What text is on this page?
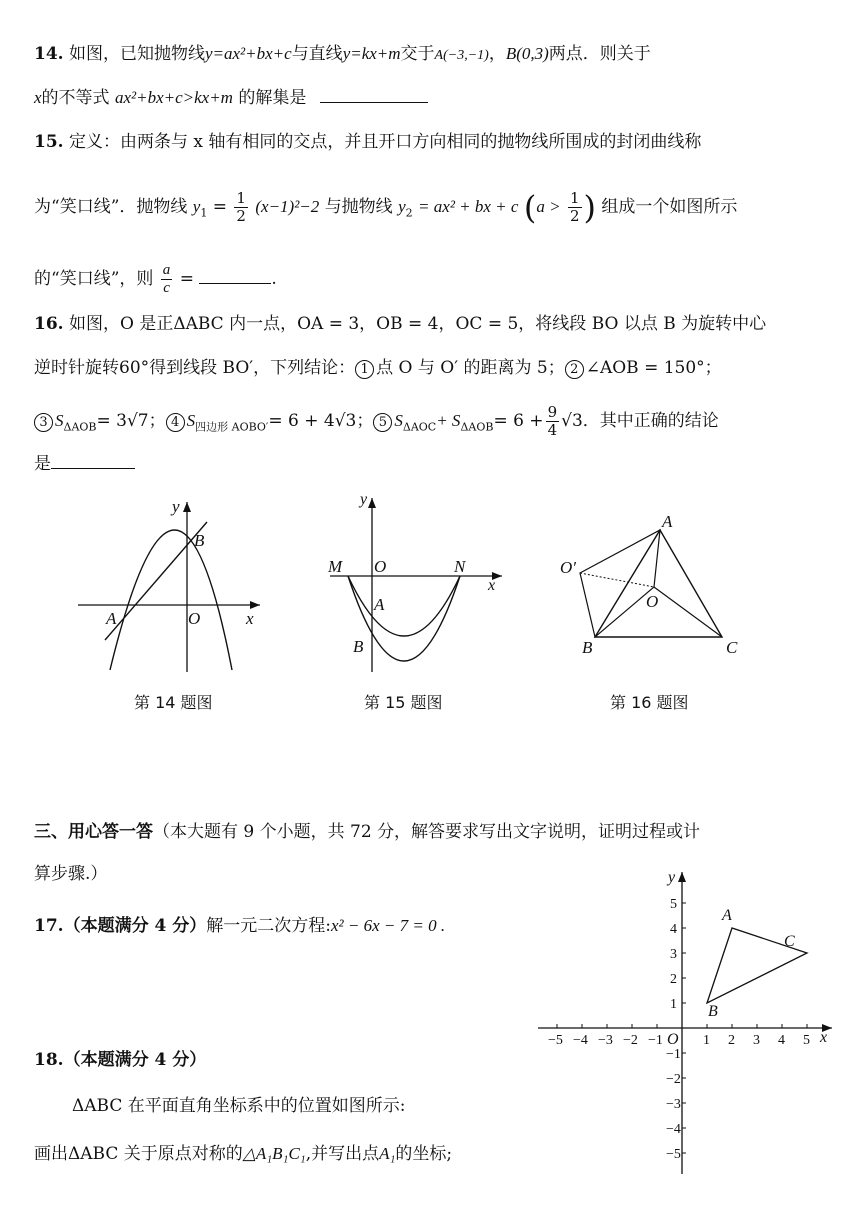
14. 如图，已知抛物线y=ax²+bx+c与直线y=kx+m交于A(−3,−1)，B(0,3)两点．则关于
x的不等式 ax²+bx+c>kx+m 的解集是
15. 定义：由两条与 x 轴有相同的交点，并且开口方向相同的抛物线所围成的封闭曲线称
为“笑口线”．抛物线 $y_1 = \frac{1}{2} (x-1)^2-2$ 与抛物线 $y_2 = ax^2$ + bx + c ($a > \frac{1}{2}$ ) 组成一个如图所示
的“笑口线”，则 $\frac{a}{c}$ =	.
16. 如图，O 是正ΔABC 内一点，OA = 3，OB = 4，OC = 5，将线段 BO 以点 B 为旋转中心
逆时针旋转60°得到线段 BO′，下列结论： 1 点 O 与 O′ 的距离为 5； 2 ∠AOB = 150°；
3 $S_{\Delta AOB}= 3√7$； 4 $S_{四边形 AOBO'}= 6 + 4√3$； 5 $S_{\Delta AOC}+ S_{\Delta AOB}= 6 + \frac{9}{4} √3$．其中正确的结论
是
y
B
A	O	x
第 14 题图
y
M O	N
x
A
B
第 15 题图
A
O′
O
B	C
第 16 题图
三、用心答一答（本大题有 9 个小题，共 72 分，解答要求写出文字说明，证明过程或计
算步骤.）
17.（本题满分 4 分）解一元二次方程:x² − 6x − 7 = 0 .
18.（本题满分 4 分）
ΔABC 在平面直角坐标系中的位置如图所示:
画出ΔABC 关于原点对称的△A₁B₁C₁,并写出点A₁的坐标;
−5 −4 −3 −2 −1	1 2 3 4 5
5
4
3
2
1
−1
−2
−3
−4
−5
O	x
y
A
B
C
